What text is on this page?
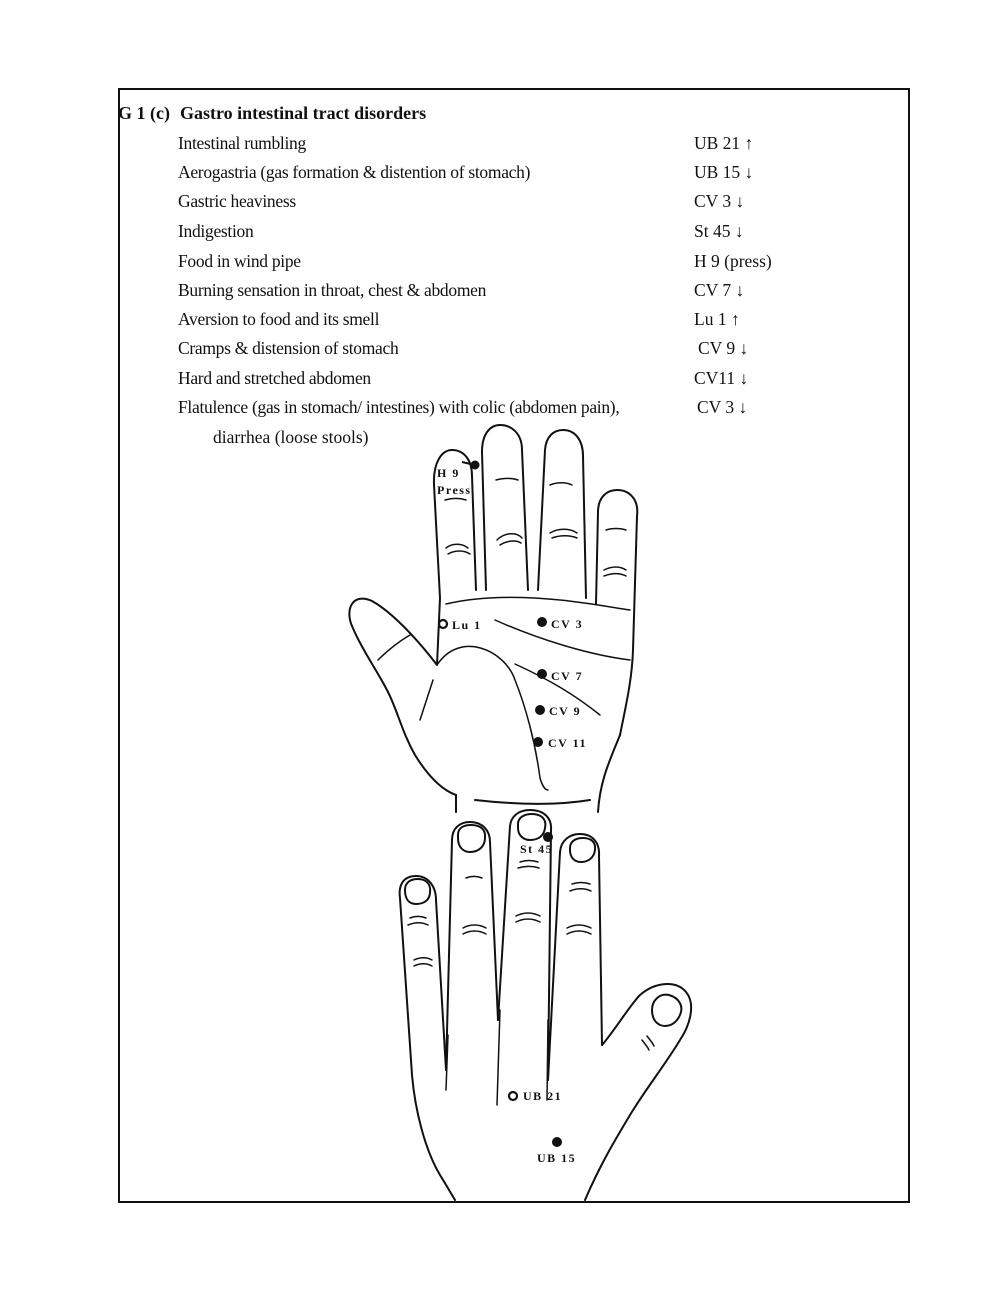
G 1 (c) Gastro intestinal tract disorders
Intestinal rumbling	UB 21 ↑
Aerogastria (gas formation & distention of stomach)	UB 15 ↓
Gastric heaviness	CV 3 ↓
Indigestion	St 45 ↓
Food in wind pipe	H 9 (press)
Burning sensation in throat, chest & abdomen	CV 7 ↓
Aversion to food and its smell	Lu 1 ↑
Cramps & distension of stomach	CV 9 ↓
Hard and stretched abdomen	CV11 ↓
Flatulence (gas in stomach/ intestines) with colic (abdomen pain),	CV 3 ↓
diarrhea (loose stools)
H 9
Press
Lu 1	CV 3
CV 7
CV 9
CV 11
St 45
UB 21
UB 15
